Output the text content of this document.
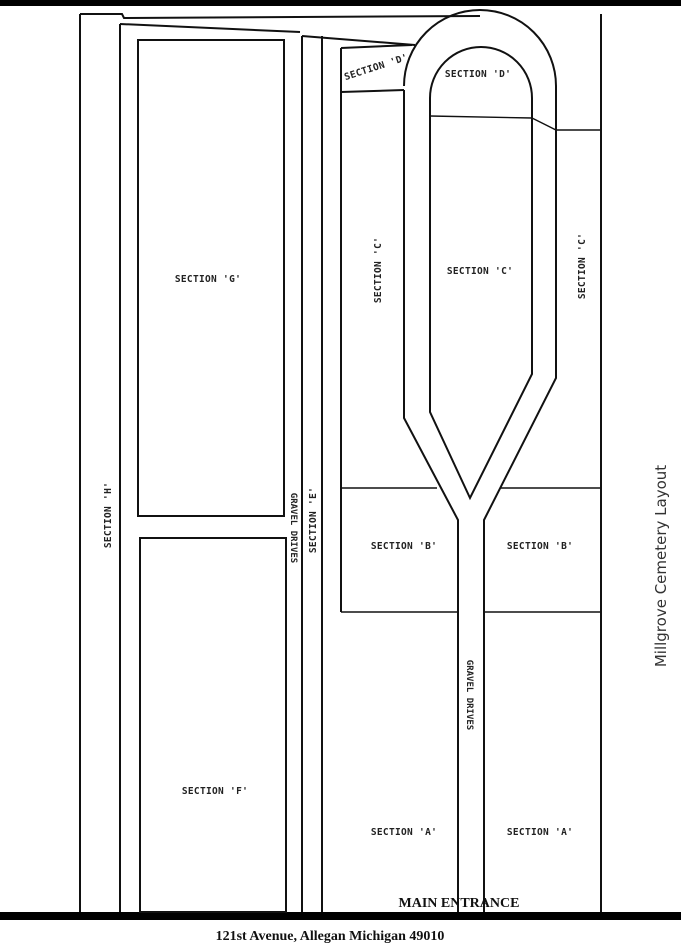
SECTION 'G'
SECTION 'H'
SECTION 'F'
SECTION 'E'
SECTION 'D'	SECTION 'D'
SECTION 'C'	SECTION 'C'	SECTION 'C'
SECTION 'B'	SECTION 'B'
SECTION 'A'	SECTION 'A'
GRAVEL DRIVES
GRAVEL DRIVES
Millgrove Cemetery Layout
MAIN ENTRANCE
121st Avenue, Allegan Michigan 49010
